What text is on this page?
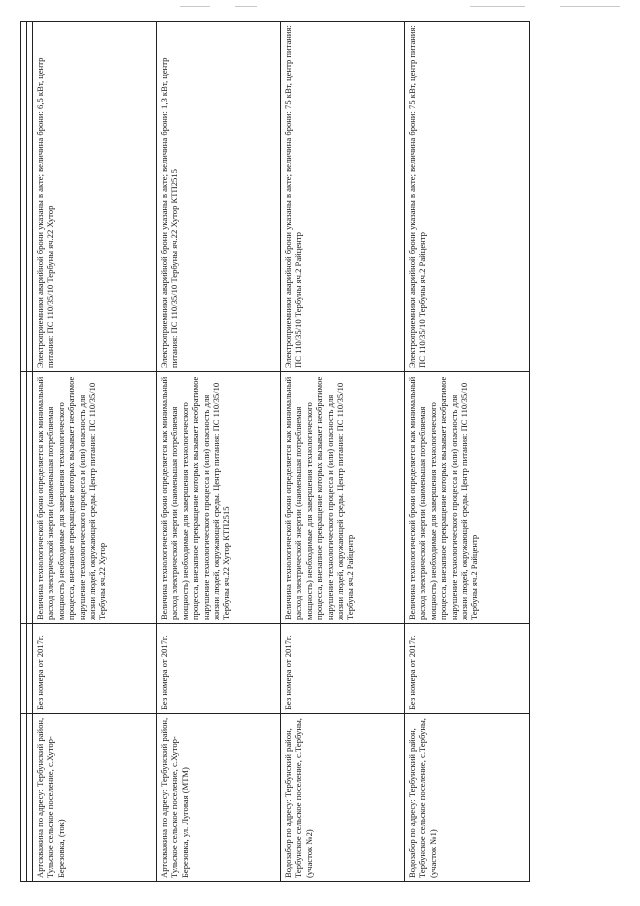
Артскважина по адресу: Тербунский район, Тульское сельское поселение, с.Хутор-Березовка, (ток)	Без номера от 2017г.	Величина технологической брони определяется как минимальный расход электрической энергии (наименьшая потребляемая мощность) необходимые для завершения технологического процесса, внезапное прекращение которых вызывает необратимое нарушение технологического процесса и (или) опасность для жизни людей, окружающей среды. Центр питания: ПС 110/35/10 Тербуны яч.22 Хутор	Электроприемники аварийной брони указаны в акте; величина брони: 6,5 кВт, центр питания: ПС 110/35/10 Тербуны яч.22 Хутор
Артскважина по адресу: Тербунский район, Тульское сельское поселение, с.Хутор-Березовка, ул. Луговая (МТМ)	Без номера от 2017г.	Величина технологической брони определяется как минимальный расход электрической энергии (наименьшая потребляемая мощность) необходимые для завершения технологического процесса, внезапное прекращение которых вызывает необратимое нарушение технологического процесса и (или) опасность для жизни людей, окружающей среды. Центр питания: ПС 110/35/10 Тербуны яч.22 Хутор КТП2515	Электроприемники аварийной брони указаны в акте; величина брони: 1,3 кВт, центр питания: ПС 110/35/10 Тербуны яч.22 Хутор КТП2515
Водозабор по адресу: Тербунский район, Тербунское сельское поселение, с.Тербуны, (участок №2)	Без номера от 2017г.	Величина технологической брони определяется как минимальный расход электрической энергии (наименьшая потребляемая мощность) необходимые для завершения технологического процесса, внезапное прекращение которых вызывает необратимое нарушение технологического процесса и (или) опасность для жизни людей, окружающей среды. Центр питания: ПС 110/35/10 Тербуны яч.2 Райцентр	Электроприемники аварийной брони указаны в акте; величина брони: 75 кВт, центр питания: ПС 110/35/10 Тербуны яч.2 Райцентр
Водозабор по адресу: Тербунский район, Тербунское сельское поселение, с.Тербуны, (участок №1)	Без номера от 2017г.	Величина технологической брони определяется как минимальный расход электрической энергии (наименьшая потребляемая мощность) необходимые для завершения технологического процесса, внезапное прекращение которых вызывает необратимое нарушение технологического процесса и (или) опасность для жизни людей, окружающей среды. Центр питания: ПС 110/35/10 Тербуны яч.2 Райцентр	Электроприемники аварийной брони указаны в акте; величина брони: 75 кВт, центр питания: ПС 110/35/10 Тербуны яч.2 Райцентр
